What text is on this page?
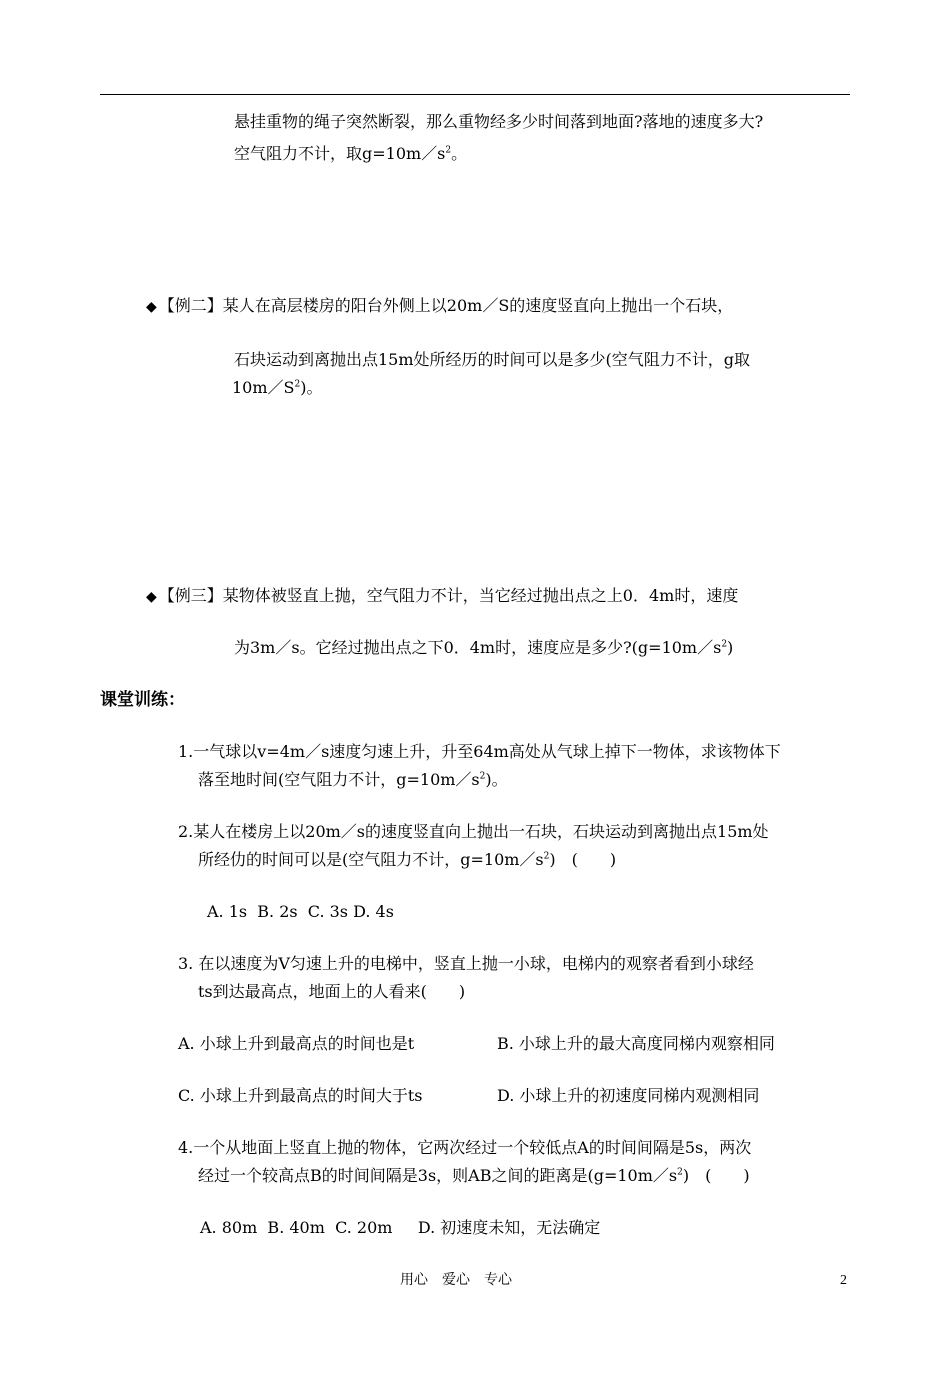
悬挂重物的绳子突然断裂，那么重物经多少时间落到地面?落地的速度多大?
空气阻力不计，取$g=10m/s^2$。
◆ 【例二】某人在高层楼房的阳台外侧上以20m／S的速度竖直向上抛出一个石块，
石块运动到离抛出点15m处所经历的时间可以是多少(空气阻力不计，g取
$10m/S^2$)。
◆ 【例三】某物体被竖直上抛，空气阻力不计，当它经过抛出点之上0．4m时，速度
为3m／s。它经过抛出点之下0．4m时，速度应是多少$?(g=10m/s^2)$
课堂训练：
1.一气球以v=4m／s速度匀速上升，升至64m高处从气球上掉下一物体，求该物体下
落至地时间(空气阻力不计，$g=10m/s^2$)。
2.某人在楼房上以20m／s的速度竖直向上抛出一石块，石块运动到离抛出点15m处
所经仂的时间可以是(空气阻力不计，$g=10m/s^2$)　(　　)
A. 1s  B. 2s  C. 3s D. 4s
3. 在以速度为V匀速上升的电梯中，竖直上抛一小球，电梯内的观察者看到小球经
ts到达最高点，地面上的人看来(　　)
A. 小球上升到最高点的时间也是t	B. 小球上升的最大高度同梯内观察相同
C. 小球上升到最高点的时间大于ts	D. 小球上升的初速度同梯内观测相同
4.一个从地面上竖直上抛的物体，它两次经过一个较低点A的时间间隔是5s，两次
经过一个较高点B的时间间隔是3s，则AB之间的距离是$(g=10m/s^2)$　(　　)
A. 80m  B. 40m  C. 20m     D. 初速度未知，无法确定
用心　爱心　专心	2
